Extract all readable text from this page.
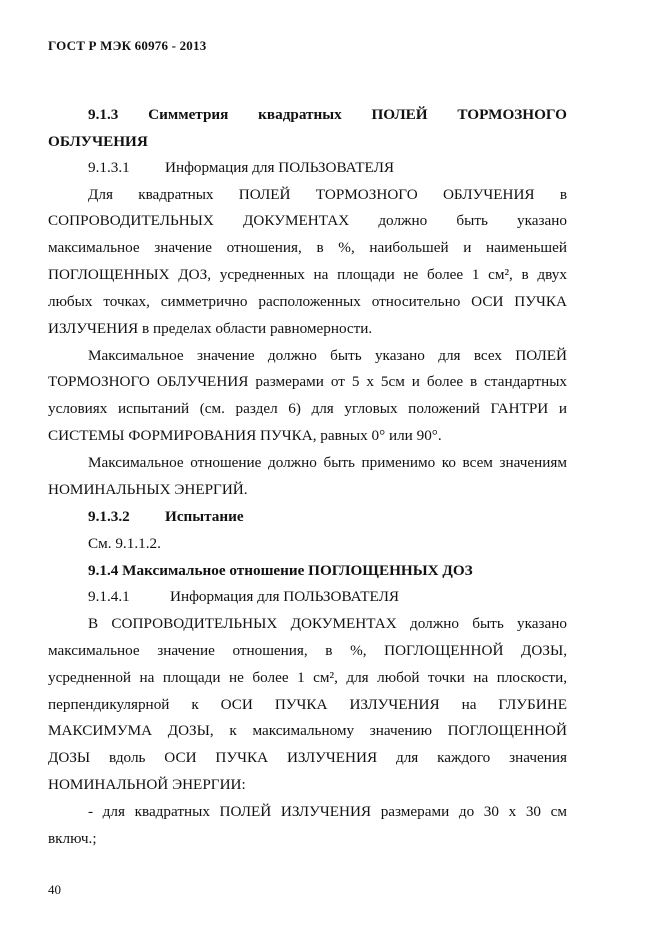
ГОСТ Р МЭК 60976 - 2013
9.1.3 Симметрия квадратных ПОЛЕЙ ТОРМОЗНОГО
ОБЛУЧЕНИЯ
9.1.3.1 Информация для ПОЛЬЗОВАТЕЛЯ
Для квадратных ПОЛЕЙ ТОРМОЗНОГО ОБЛУЧЕНИЯ в
СОПРОВОДИТЕЛЬНЫХ ДОКУМЕНТАХ должно быть указано
максимальное значение отношения, в %, наибольшей и наименьшей
ПОГЛОЩЕННЫХ ДОЗ, усредненных на площади не более 1 см², в двух
любых точках, симметрично расположенных относительно ОСИ ПУЧКА
ИЗЛУЧЕНИЯ в пределах области равномерности.
Максимальное значение должно быть указано для всех ПОЛЕЙ
ТОРМОЗНОГО ОБЛУЧЕНИЯ размерами от 5 х 5см и более в стандартных
условиях испытаний (см. раздел 6) для угловых положений ГАНТРИ и
СИСТЕМЫ ФОРМИРОВАНИЯ ПУЧКА, равных 0° или 90°.
Максимальное отношение должно быть применимо ко всем значениям
НОМИНАЛЬНЫХ ЭНЕРГИЙ.
9.1.3.2 Испытание
См. 9.1.1.2.
9.1.4 Максимальное отношение ПОГЛОЩЕННЫХ ДОЗ
9.1.4.1	Информация для ПОЛЬЗОВАТЕЛЯ
В СОПРОВОДИТЕЛЬНЫХ ДОКУМЕНТАХ должно быть указано
максимальное значение отношения, в %, ПОГЛОЩЕННОЙ ДОЗЫ,
усредненной на площади не более 1 см², для любой точки на плоскости,
перпендикулярной к ОСИ ПУЧКА ИЗЛУЧЕНИЯ на ГЛУБИНЕ
МАКСИМУМА ДОЗЫ, к максимальному значению ПОГЛОЩЕННОЙ
ДОЗЫ вдоль ОСИ ПУЧКА ИЗЛУЧЕНИЯ для каждого значения
НОМИНАЛЬНОЙ ЭНЕРГИИ:
- для квадратных ПОЛЕЙ ИЗЛУЧЕНИЯ размерами до 30 х 30 см
включ.;
40
